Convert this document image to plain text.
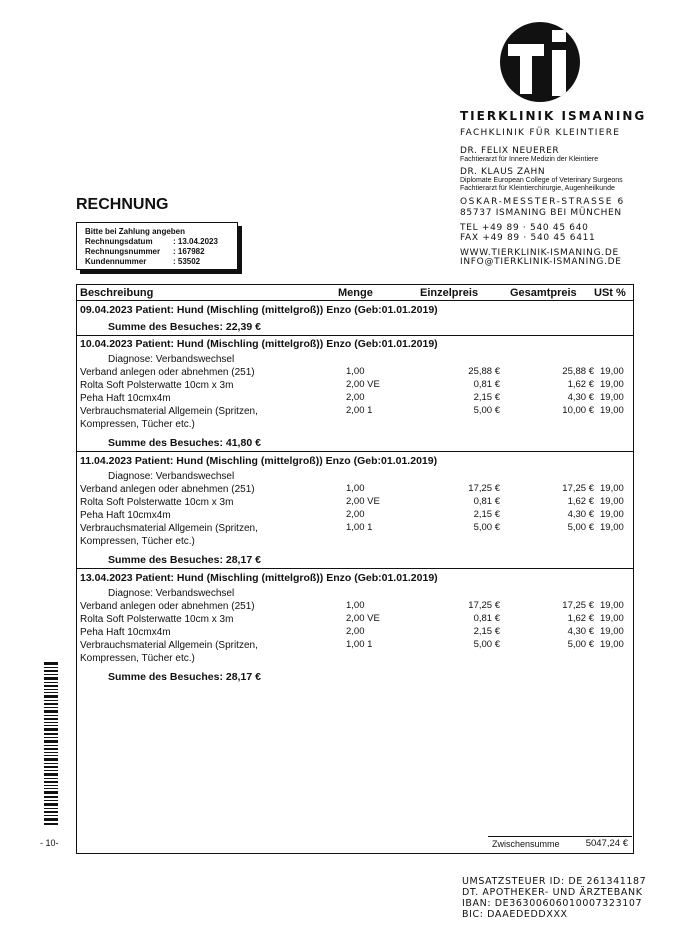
TIERKLINIK ISMANING
FACHKLINIK FÜR KLEINTIERE
DR. FELIX NEUERER
Fachtierarzt für Innere Medizin der Kleintiere
DR. KLAUS ZAHN
Diplomate European College of Veterinary Surgeons
Fachtierarzt für Kleintierchirurgie, Augenheilkunde
OSKAR-MESSTER-STRASSE 6
85737 ISMANING BEI MÜNCHEN
TEL +49 89 · 540 45 640
FAX +49 89 · 540 45 6411
WWW.TIERKLINIK-ISMANING.DE
INFO@TIERKLINIK-ISMANING.DE
RECHNUNG
Bitte bei Zahlung angeben
Rechnungsdatum	: 13.04.2023
Rechnungsnummer : 167982
Kundennummer	: 53502
Beschreibung	Menge	Einzelpreis	Gesamtpreis USt %
09.04.2023 Patient: Hund (Mischling (mittelgroß)) Enzo (Geb:01.01.2019)
Summe des Besuches: 22,39 €
10.04.2023 Patient: Hund (Mischling (mittelgroß)) Enzo (Geb:01.01.2019)
Diagnose: Verbandswechsel
Verband anlegen oder abnehmen (251)	1,00	25,88 €	25,88 € 19,00
Rolta Soft Polsterwatte 10cm x 3m	2,00 VE	0,81 €	1,62 € 19,00
Peha Haft 10cmx4m	2,00	2,15 €	4,30 € 19,00
Verbrauchsmaterial Allgemein (Spritzen,
Kompressen, Tücher etc.)
2,00 1	5,00 €	10,00 € 19,00
Summe des Besuches: 41,80 €
11.04.2023 Patient: Hund (Mischling (mittelgroß)) Enzo (Geb:01.01.2019)
Diagnose: Verbandswechsel
Verband anlegen oder abnehmen (251)	1,00	17,25 €	17,25 € 19,00
Rolta Soft Polsterwatte 10cm x 3m	2,00 VE	0,81 €	1,62 € 19,00
Peha Haft 10cmx4m	2,00	2,15 €	4,30 € 19,00
Verbrauchsmaterial Allgemein (Spritzen,
Kompressen, Tücher etc.)
1,00 1	5,00 €	5,00 € 19,00
Summe des Besuches: 28,17 €
13.04.2023 Patient: Hund (Mischling (mittelgroß)) Enzo (Geb:01.01.2019)
Diagnose: Verbandswechsel
Verband anlegen oder abnehmen (251)	1,00	17,25 €	17,25 € 19,00
Rolta Soft Polsterwatte 10cm x 3m	2,00 VE	0,81 €	1,62 € 19,00
Peha Haft 10cmx4m	2,00	2,15 €	4,30 € 19,00
Verbrauchsmaterial Allgemein (Spritzen,
Kompressen, Tücher etc.)
1,00 1	5,00 €	5,00 € 19,00
Summe des Besuches: 28,17 €
Zwischensumme	5047,24 €
- 10-
UMSATZSTEUER ID: DE 261341187
DT. APOTHEKER- UND ÄRZTEBANK
IBAN: DE36300606010007323107
BIC: DAAEDEDDXXX
